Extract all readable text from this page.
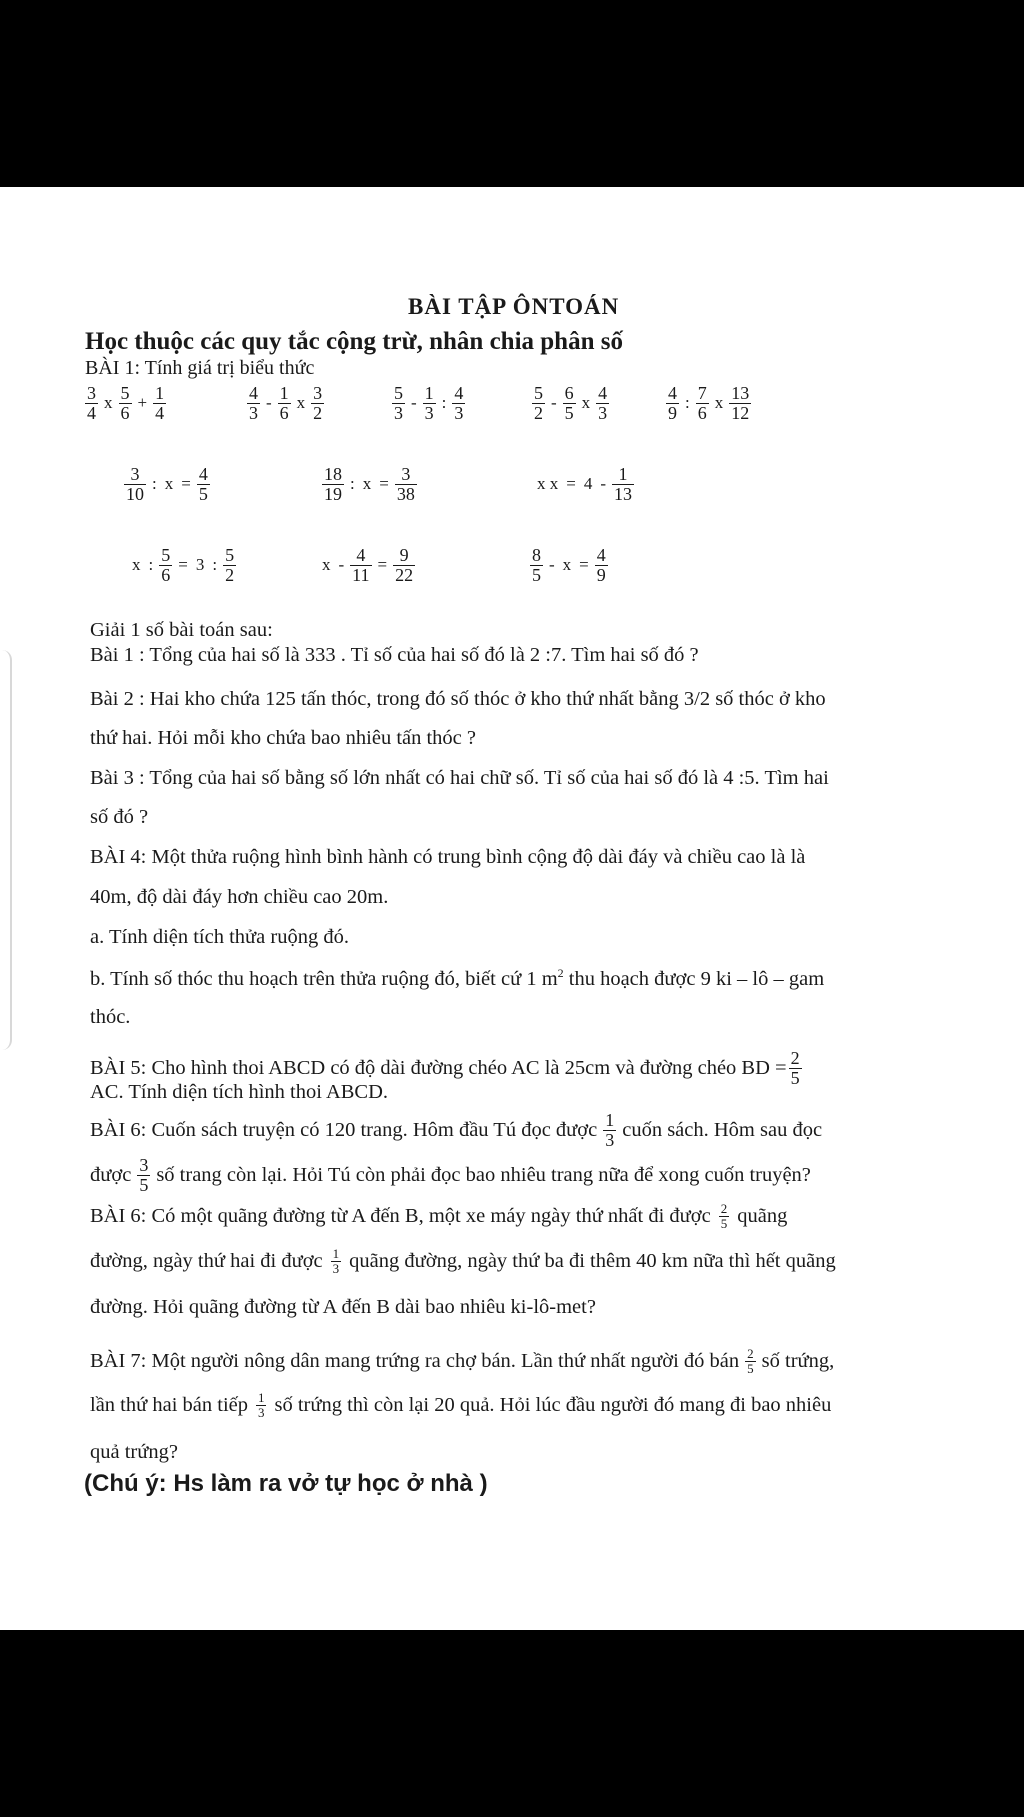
BÀI TẬP ÔNTOÁN
Học thuộc các quy tắc cộng trừ, nhân chia phân số
BÀI 1: Tính giá trị biểu thức
$\frac{3}{4}$ x $\frac{5}{6} + \frac{1}{4}$	$\frac{4}{3} - \frac{1}{6}$ x $\frac{3}{2}$	$\frac{5}{3} - \frac{1}{3}$ : $\frac{4}{3}$	$\frac{5}{2} - \frac{6}{5}$ x $\frac{4}{3}$	$\frac{4}{9}$ : $\frac{7}{6}$ x $\frac{13}{12}$
$\frac{3}{10}$ : $x = \frac{4}{5}$	$\frac{18}{19}$ : $x = \frac{3}{38}$	x $x = 4 - \frac{1}{13}$
x : $\frac{5}{6} = 3$ : $\frac{5}{2}$	$x - \frac{4}{11} = \frac{9}{22}$	$\frac{8}{5} - x = \frac{4}{9}$
Giải 1 số bài toán sau:
Bài 1 : Tổng của hai số là 333 . Tỉ số của hai số đó là 2 :7. Tìm hai số đó ?
Bài 2 : Hai kho chứa 125 tấn thóc, trong đó số thóc ở kho thứ nhất bằng 3/2 số thóc ở kho
thứ hai. Hỏi mỗi kho chứa bao nhiêu tấn thóc ?
Bài 3 : Tổng của hai số bằng số lớn nhất có hai chữ số. Tỉ số của hai số đó là 4 :5. Tìm hai
số đó ?
BÀI 4: Một thửa ruộng hình bình hành có trung bình cộng độ dài đáy và chiều cao là là
40m, độ dài đáy hơn chiều cao 20m.
a. Tính diện tích thửa ruộng đó.
b. Tính số thóc thu hoạch trên thửa ruộng đó, biết cứ 1 $m^2$ thu hoạch được 9 ki – lô – gam
thóc.
BÀI 5: Cho hình thoi ABCD có độ dài đường chéo AC là 25cm và đường chéo BD = $\frac{2}{5}$
AC. Tính diện tích hình thoi ABCD.
BÀI 6: Cuốn sách truyện có 120 trang. Hôm đầu Tú đọc được $\frac{1}{3}$ cuốn sách. Hôm sau đọc
được $\frac{3}{5}$ số trang còn lại. Hỏi Tú còn phải đọc bao nhiêu trang nữa để xong cuốn truyện?
BÀI 6: Có một quãng đường từ A đến B, một xe máy ngày thứ nhất đi được $\frac{2}{5}$ quãng
đường, ngày thứ hai đi được $\frac{1}{3}$ quãng đường, ngày thứ ba đi thêm 40 km nữa thì hết quãng
đường. Hỏi quãng đường từ A đến B dài bao nhiêu ki-lô-met?
BÀI 7: Một người nông dân mang trứng ra chợ bán. Lần thứ nhất người đó bán $\frac{2}{5}$ số trứng,
lần thứ hai bán tiếp $\frac{1}{3}$ số trứng thì còn lại 20 quả. Hỏi lúc đầu người đó mang đi bao nhiêu
quả trứng?
(Chú ý: Hs làm ra vở tự học ở nhà )
